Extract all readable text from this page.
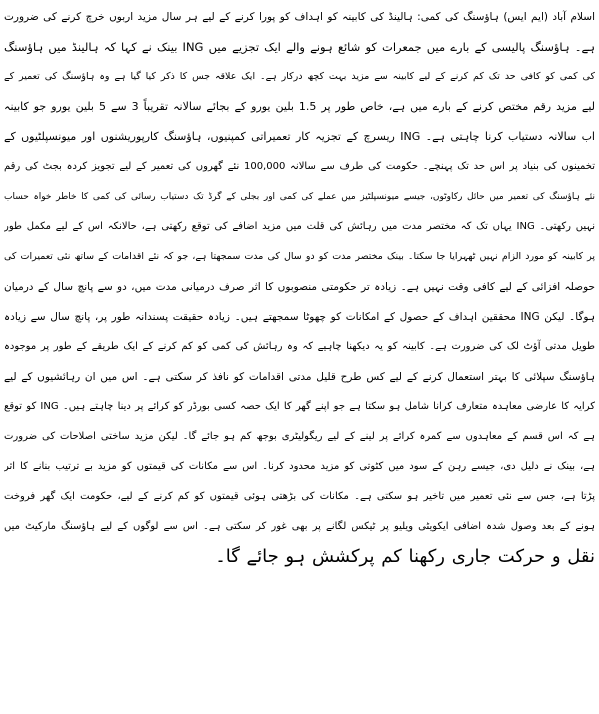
اسلام آباد (ایم ایس) ہاؤسنگ کی کمی: ہالینڈ کی کابینہ کو اہداف کو پورا کرنے کے لیے ہر سال مزید اربوں خرچ کرنے کی ضرورت
ہے۔ ہاؤسنگ پالیسی کے بارے میں جمعرات کو شائع ہونے والے ایک تجزیے میں ING بینک نے کہا کہ ہالینڈ میں ہاؤسنگ
کی کمی کو کافی حد تک کم کرنے کے لیے کابینہ سے مزید بہت کچھ درکار ہے۔ ایک علاقہ جس کا ذکر کیا گیا ہے وہ ہاؤسنگ کی تعمیر کے
لیے مزید رقم مختص کرنے کے بارے میں ہے، خاص طور پر 1.5 بلین یورو کے بجائے سالانہ تقریباً 3 سے 5 بلین یورو جو کابینہ
اب سالانہ دستیاب کرنا چاہتی ہے۔ ING ریسرچ کے تجزیہ کار تعمیراتی کمپنیوں، ہاؤسنگ کارپوریشنوں اور میونسپلٹیوں کے
تخمینوں کی بنیاد پر اس حد تک پہنچے۔ حکومت کی طرف سے سالانہ 100,000 نئے گھروں کی تعمیر کے لیے تجویز کردہ بجٹ کی رقم
نئے ہاؤسنگ کی تعمیر میں حائل رکاوٹوں، جیسے میونسپلٹیز میں عملے کی کمی اور بجلی کے گرڈ تک دستیاب رسائی کی کمی کا خاطر خواہ حساب
نہیں رکھتی۔ ING یہاں تک کہ مختصر مدت میں رہائش کی قلت میں مزید اضافے کی توقع رکھتی ہے، حالانکہ اس کے لیے مکمل طور
پر کابینہ کو مورد الزام نہیں ٹھہرایا جا سکتا۔ بینک مختصر مدت کو دو سال کی مدت سمجھتا ہے، جو کہ نئے اقدامات کے ساتھ نئی تعمیرات کی
حوصلہ افزائی کے لیے کافی وقت نہیں ہے۔ زیادہ تر حکومتی منصوبوں کا اثر صرف درمیانی مدت میں، دو سے پانچ سال کے درمیان
ہوگا۔ لیکن ING محققین اہداف کے حصول کے امکانات کو چھوٹا سمجھتے ہیں۔ زیادہ حقیقت پسندانہ طور پر، پانچ سال سے زیادہ
طویل مدتی آؤٹ لک کی ضرورت ہے۔ کابینہ کو یہ دیکھنا چاہیے کہ وہ رہائش کی کمی کو کم کرنے کے ایک طریقے کے طور پر موجودہ
ہاؤسنگ سپلائی کا بہتر استعمال کرنے کے لیے کس طرح قلیل مدتی اقدامات کو نافذ کر سکتی ہے۔ اس میں ان رہائشیوں کے لیے
کرایہ کا عارضی معاہدہ متعارف کرانا شامل ہو سکتا ہے جو اپنے گھر کا ایک حصہ کسی بورڈر کو کرائے پر دینا چاہتے ہیں۔ ING کو توقع
ہے کہ اس قسم کے معاہدوں سے کمرہ کرائے پر لینے کے لیے ریگولیٹری بوجھ کم ہو جائے گا۔ لیکن مزید ساختی اصلاحات کی ضرورت
ہے، بینک نے دلیل دی، جیسے رہن کے سود میں کٹوتی کو مزید محدود کرنا۔ اس سے مکانات کی قیمتوں کو مزید بے ترتیب بنانے کا اثر
پڑتا ہے، جس سے نئی تعمیر میں تاخیر ہو سکتی ہے۔ مکانات کی بڑھتی ہوئی قیمتوں کو کم کرنے کے لیے، حکومت ایک گھر فروخت
ہونے کے بعد وصول شدہ اضافی ایکویٹی ویلیو پر ٹیکس لگانے پر بھی غور کر سکتی ہے۔ اس سے لوگوں کے لیے ہاؤسنگ مارکیٹ میں
نقل و حرکت جاری رکھنا کم پرکشش ہو جائے گا۔
